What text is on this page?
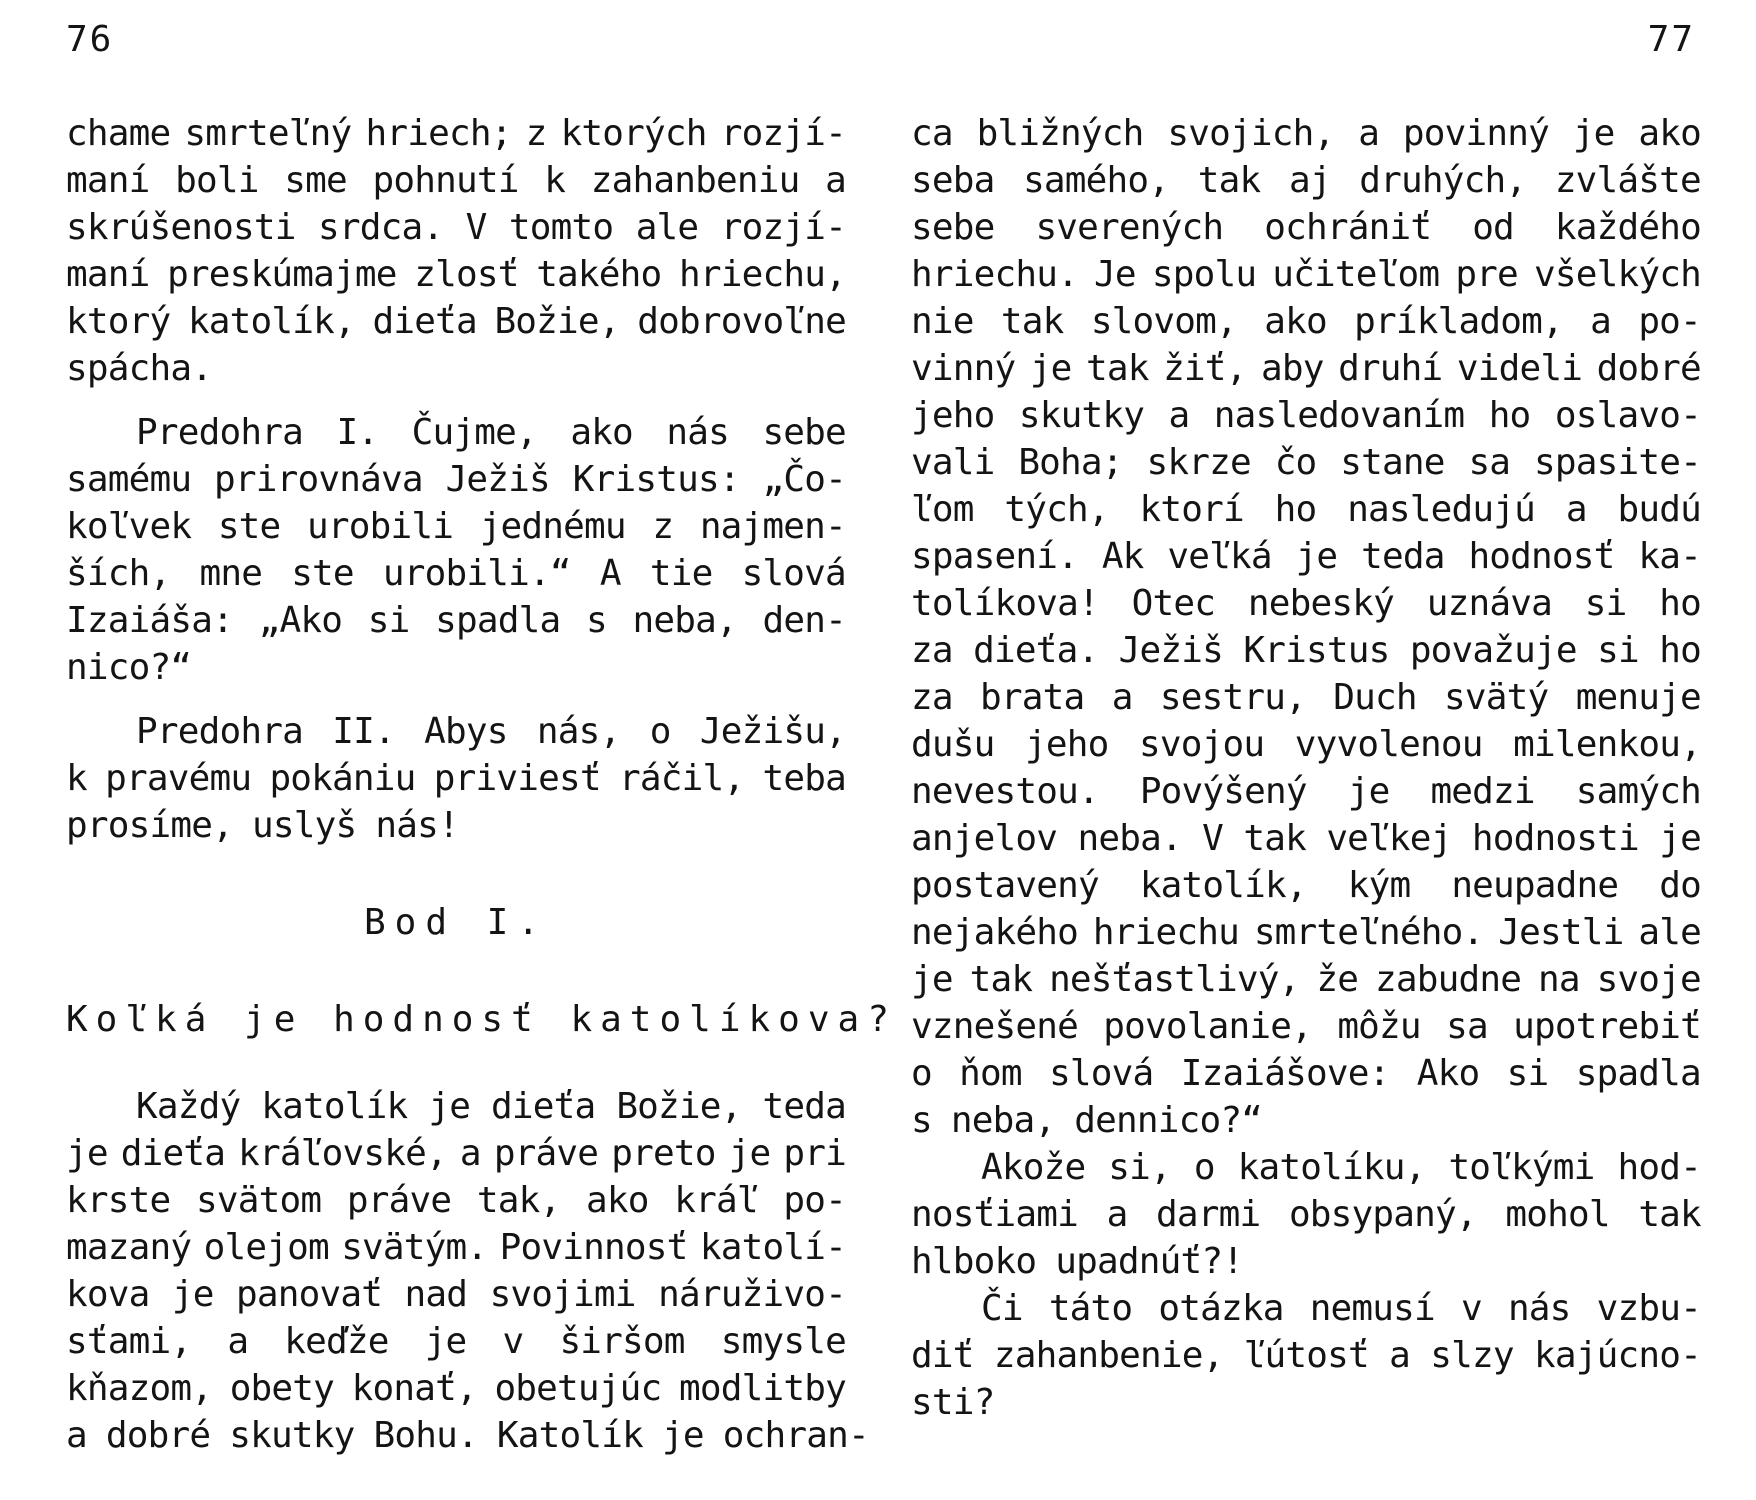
76	77
chame smrteľný hriech; z ktorých rozjí-
maní boli sme pohnutí k zahanbeniu a
skrúšenosti srdca. V tomto ale rozjí-
maní preskúmajme zlosť takého hriechu,
ktorý katolík, dieťa Božie, dobrovoľne
spácha.
Predohra I. Čujme, ako nás sebe
samému prirovnáva Ježiš Kristus: „Čo-
koľvek ste urobili jednému z najmen-
ších, mne ste urobili.“ A tie slová
Izaiáša: „Ako si spadla s neba, den-
nico?“
Predohra II. Abys nás, o Ježišu,
k pravému pokániu priviesť ráčil, teba
prosíme, uslyš nás!
Bod I.
Koľká je hodnosť katolíkova?
Každý katolík je dieťa Božie, teda
je dieťa kráľovské, a práve preto je pri
krste svätom práve tak, ako kráľ po-
mazaný olejom svätým. Povinnosť katolí-
kova je panovať nad svojimi náruživo-
sťami, a keďže je v širšom smysle
kňazom, obety konať, obetujúc modlitby
a dobré skutky Bohu. Katolík je ochran-
ca bližných svojich, a povinný je ako
seba samého, tak aj druhých, zvlášte
sebe sverených ochrániť od každého
hriechu. Je spolu učiteľom pre všelkých
nie tak slovom, ako príkladom, a po-
vinný je tak žiť, aby druhí videli dobré
jeho skutky a nasledovaním ho oslavo-
vali Boha; skrze čo stane sa spasite-
ľom tých, ktorí ho nasledujú a budú
spasení. Ak veľká je teda hodnosť ka-
tolíkova! Otec nebeský uznáva si ho
za dieťa. Ježiš Kristus považuje si ho
za brata a sestru, Duch svätý menuje
dušu jeho svojou vyvolenou milenkou,
nevestou. Povýšený je medzi samých
anjelov neba. V tak veľkej hodnosti je
postavený katolík, kým neupadne do
nejakého hriechu smrteľného. Jestli ale
je tak nešťastlivý, že zabudne na svoje
vznešené povolanie, môžu sa upotrebiť
o ňom slová Izaiášove: Ako si spadla
s neba, dennico?“
Akože si, o katolíku, toľkými hod-
nosťiami a darmi obsypaný, mohol tak
hlboko upadnúť?!
Či táto otázka nemusí v nás vzbu-
diť zahanbenie, ľútosť a slzy kajúcno-
sti?
